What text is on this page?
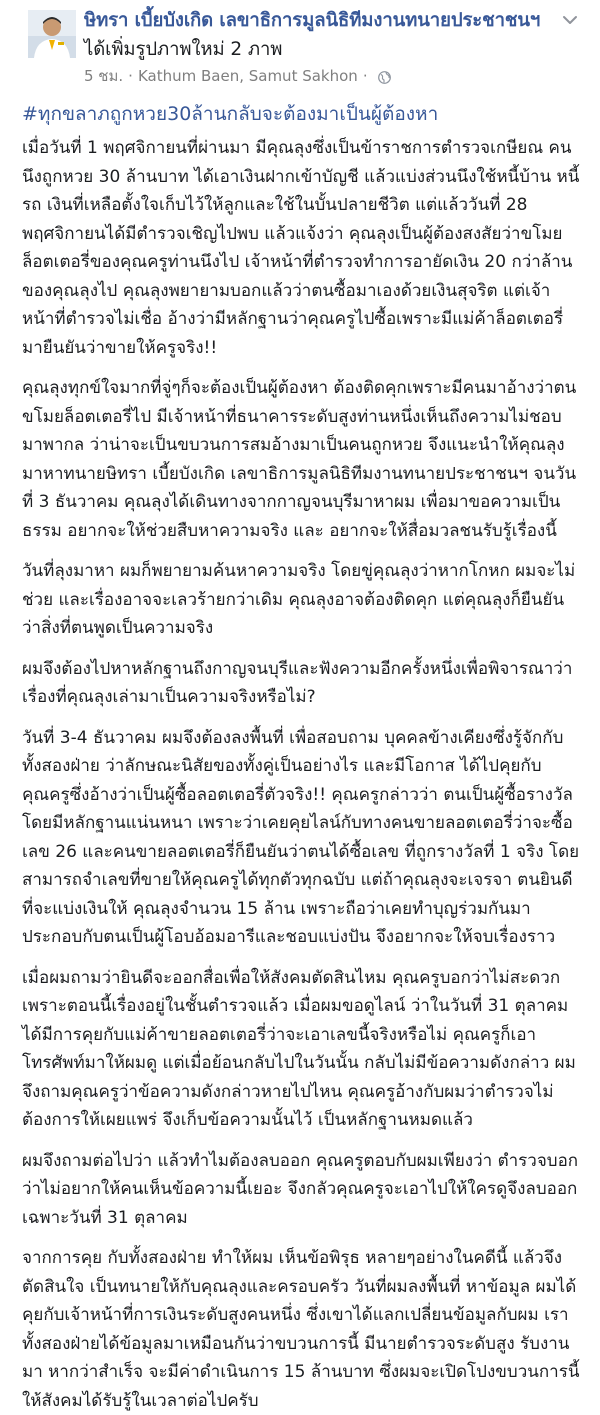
ษิทรา เบี้ยบังเกิด เลขาธิการมูลนิธิทีมงานทนายประชาชนฯ ได้เพิ่มรูปภาพใหม่ 2 ภาพ
5 ชม. · Kathum Baen, Samut Sakhon ·
#ทุกขลาภถูกหวย30ล้านกลับจะต้องมาเป็นผู้ต้องหา

เมื่อวันที่ 1 พฤศจิกายนที่ผ่านมา มีคุณลุงซึ่งเป็นข้าราชการตำรวจเกษียณ คนนึงถูกหวย 30 ล้านบาท ได้เอาเงินฝากเข้าบัญชี แล้วแบ่งส่วนนึงใช้หนี้บ้าน หนี้รถ เงินที่เหลือตั้งใจเก็บไว้ให้ลูกและใช้ในบั้นปลายชีวิต แต่แล้ววันที่ 28 พฤศจิกายนได้มีตำรวจเชิญไปพบ แล้วแจ้งว่า คุณลุงเป็นผู้ต้องสงสัยว่าขโมยล็อตเตอรี่ของคุณครูท่านนึงไป เจ้าหน้าที่ตำรวจทำการอายัดเงิน 20 กว่าล้าน ของคุณลุงไป คุณลุงพยายามบอกแล้วว่าตนซื้อมาเองด้วยเงินสุจริต แต่เจ้าหน้าที่ตำรวจไม่เชื่อ อ้างว่ามีหลักฐานว่าคุณครูไปซื้อเพราะมีแม่ค้าล็อตเตอรี่มายืนยันว่าขายให้ครูจริง!!

คุณลุงทุกข์ใจมากที่จู่ๆก็จะต้องเป็นผู้ต้องหา ต้องติดคุกเพราะมีคนมาอ้างว่าตนขโมยล็อตเตอรี่ไป มีเจ้าหน้าที่ธนาคารระดับสูงท่านหนึ่งเห็นถึงความไม่ชอบมาพากล ว่าน่าจะเป็นขบวนการสมอ้างมาเป็นคนถูกหวย จึงแนะนำให้คุณลุงมาหาทนายษิทรา เบี้ยบังเกิด เลขาธิการมูลนิธิทีมงานทนายประชาชนฯ จนวันที่ 3 ธันวาคม คุณลุงได้เดินทางจากกาญจนบุรีมาหาผม เพื่อมาขอความเป็นธรรม อยากจะให้ช่วยสืบหาความจริง และ อยากจะให้สื่อมวลชนรับรู้เรื่องนี้

วันที่ลุงมาหา ผมก็พยายามค้นหาความจริง โดยขู่คุณลุงว่าหากโกหก ผมจะไม่ช่วย และเรื่องอาจจะเลวร้ายกว่าเดิม คุณลุงอาจต้องติดคุก แต่คุณลุงก็ยืนยันว่าสิ่งที่ตนพูดเป็นความจริง

ผมจึงต้องไปหาหลักฐานถึงกาญจนบุรีและฟังความอีกครั้งหนึ่งเพื่อพิจารณาว่าเรื่องที่คุณลุงเล่ามาเป็นความจริงหรือไม่?

วันที่ 3-4 ธันวาคม ผมจึงต้องลงพื้นที่ เพื่อสอบถาม บุคคลข้างเคียงซึ่งรู้จักกับทั้งสองฝ่าย ว่าลักษณะนิสัยของทั้งคู่เป็นอย่างไร และมีโอกาส ได้ไปคุยกับคุณครูซึ่งอ้างว่าเป็นผู้ซื้อลอตเตอรี่ตัวจริง!! คุณครูกล่าวว่า ตนเป็นผู้ซื้อรางวัล โดยมีหลักฐานแน่นหนา เพราะว่าเคยคุยไลน์กับทางคนขายลอตเตอรี่ว่าจะซื้อเลข 26 และคนขายลอตเตอรี่ก็ยืนยันว่าตนได้ซื้อเลข ที่ถูกรางวัลที่ 1 จริง โดยสามารถจำเลขที่ขายให้คุณครูได้ทุกตัวทุกฉบับ แต่ถ้าคุณลุงจะเจรจา ตนยินดีที่จะแบ่งเงินให้ คุณลุงจำนวน 15 ล้าน เพราะถือว่าเคยทำบุญร่วมกันมา ประกอบกับตนเป็นผู้โอบอ้อมอารีและชอบแบ่งปัน จึงอยากจะให้จบเรื่องราว

เมื่อผมถามว่ายินดีจะออกสื่อเพื่อให้สังคมตัดสินไหม คุณครูบอกว่าไม่สะดวกเพราะตอนนี้เรื่องอยู่ในชั้นตำรวจแล้ว เมื่อผมขอดูไลน์ ว่าในวันที่ 31 ตุลาคมได้มีการคุยกับแม่ค้าขายลอตเตอรี่ว่าจะเอาเลขนี้จริงหรือไม่ คุณครูก็เอาโทรศัพท์มาให้ผมดู แต่เมื่อย้อนกลับไปในวันนั้น กลับไม่มีข้อความดังกล่าว ผมจึงถามคุณครูว่าข้อความดังกล่าวหายไปไหน คุณครูอ้างกับผมว่าตำรวจไม่ต้องการให้เผยแพร่ จึงเก็บข้อความนั้นไว้ เป็นหลักฐานหมดแล้ว

ผมจึงถามต่อไปว่า แล้วทำไมต้องลบออก คุณครูตอบกับผมเพียงว่า ตำรวจบอกว่าไม่อยากให้คนเห็นข้อความนี้เยอะ จึงกลัวคุณครูจะเอาไปให้ใครดูจึงลบออกเฉพาะวันที่ 31 ตุลาคม

จากการคุย กับทั้งสองฝ่าย ทำให้ผม เห็นข้อพิรุธ หลายๆอย่างในคดีนี้ แล้วจึงตัดสินใจ เป็นทนายให้กับคุณลุงและครอบครัว วันที่ผมลงพื้นที่ หาข้อมูล ผมได้คุยกับเจ้าหน้าที่การเงินระดับสูงคนหนึ่ง ซึ่งเขาได้แลกเปลี่ยนข้อมูลกับผม เราทั้งสองฝ่ายได้ข้อมูลมาเหมือนกันว่าขบวนการนี้ มีนายตำรวจระดับสูง รับงานมา หากว่าสำเร็จ จะมีค่าดำเนินการ 15 ล้านบาท ซึ่งผมจะเปิดโปงขบวนการนี้ ให้สังคมได้รับรู้ในเวลาต่อไปครับ
